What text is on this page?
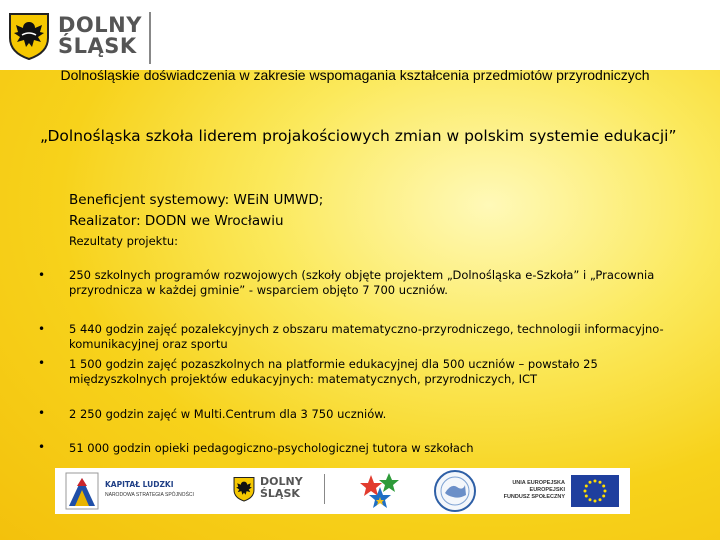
DOLNY
ŚLĄSK
Dolnośląskie doświadczenia w zakresie wspomagania kształcenia przedmiotów przyrodniczych
„Dolnośląska szkoła liderem projakościowych zmian w polskim systemie edukacji”
Beneficjent systemowy: WEiN UMWD;
Realizator: DODN we Wrocławiu
Rezultaty projektu:
• 250 szkolnych programów rozwojowych (szkoły objęte projektem „Dolnośląska e-Szkoła” i „Pracownia przyrodnicza w każdej gminie” - wsparciem objęto 7 700 uczniów.
• 5 440 godzin zajęć pozalekcyjnych z obszaru matematyczno-przyrodniczego, technologii informacyjno-komunikacyjnej oraz sportu
• 1 500 godzin zajęć pozaszkolnych na platformie edukacyjnej dla 500 uczniów – powstało 25 międzyszkolnych projektów edukacyjnych: matematycznych, przyrodniczych, ICT
• 2 250 godzin zajęć w Multi.Centrum dla 3 750 uczniów.
• 51 000 godzin opieki pedagogiczno-psychologicznej tutora w szkołach
KAPITAŁ LUDZKI
NARODOWA STRATEGIA SPÓJNOŚCI
DOLNY
ŚLĄSK
UNIA EUROPEJSKA
EUROPEJSKI
FUNDUSZ SPOŁECZNY
